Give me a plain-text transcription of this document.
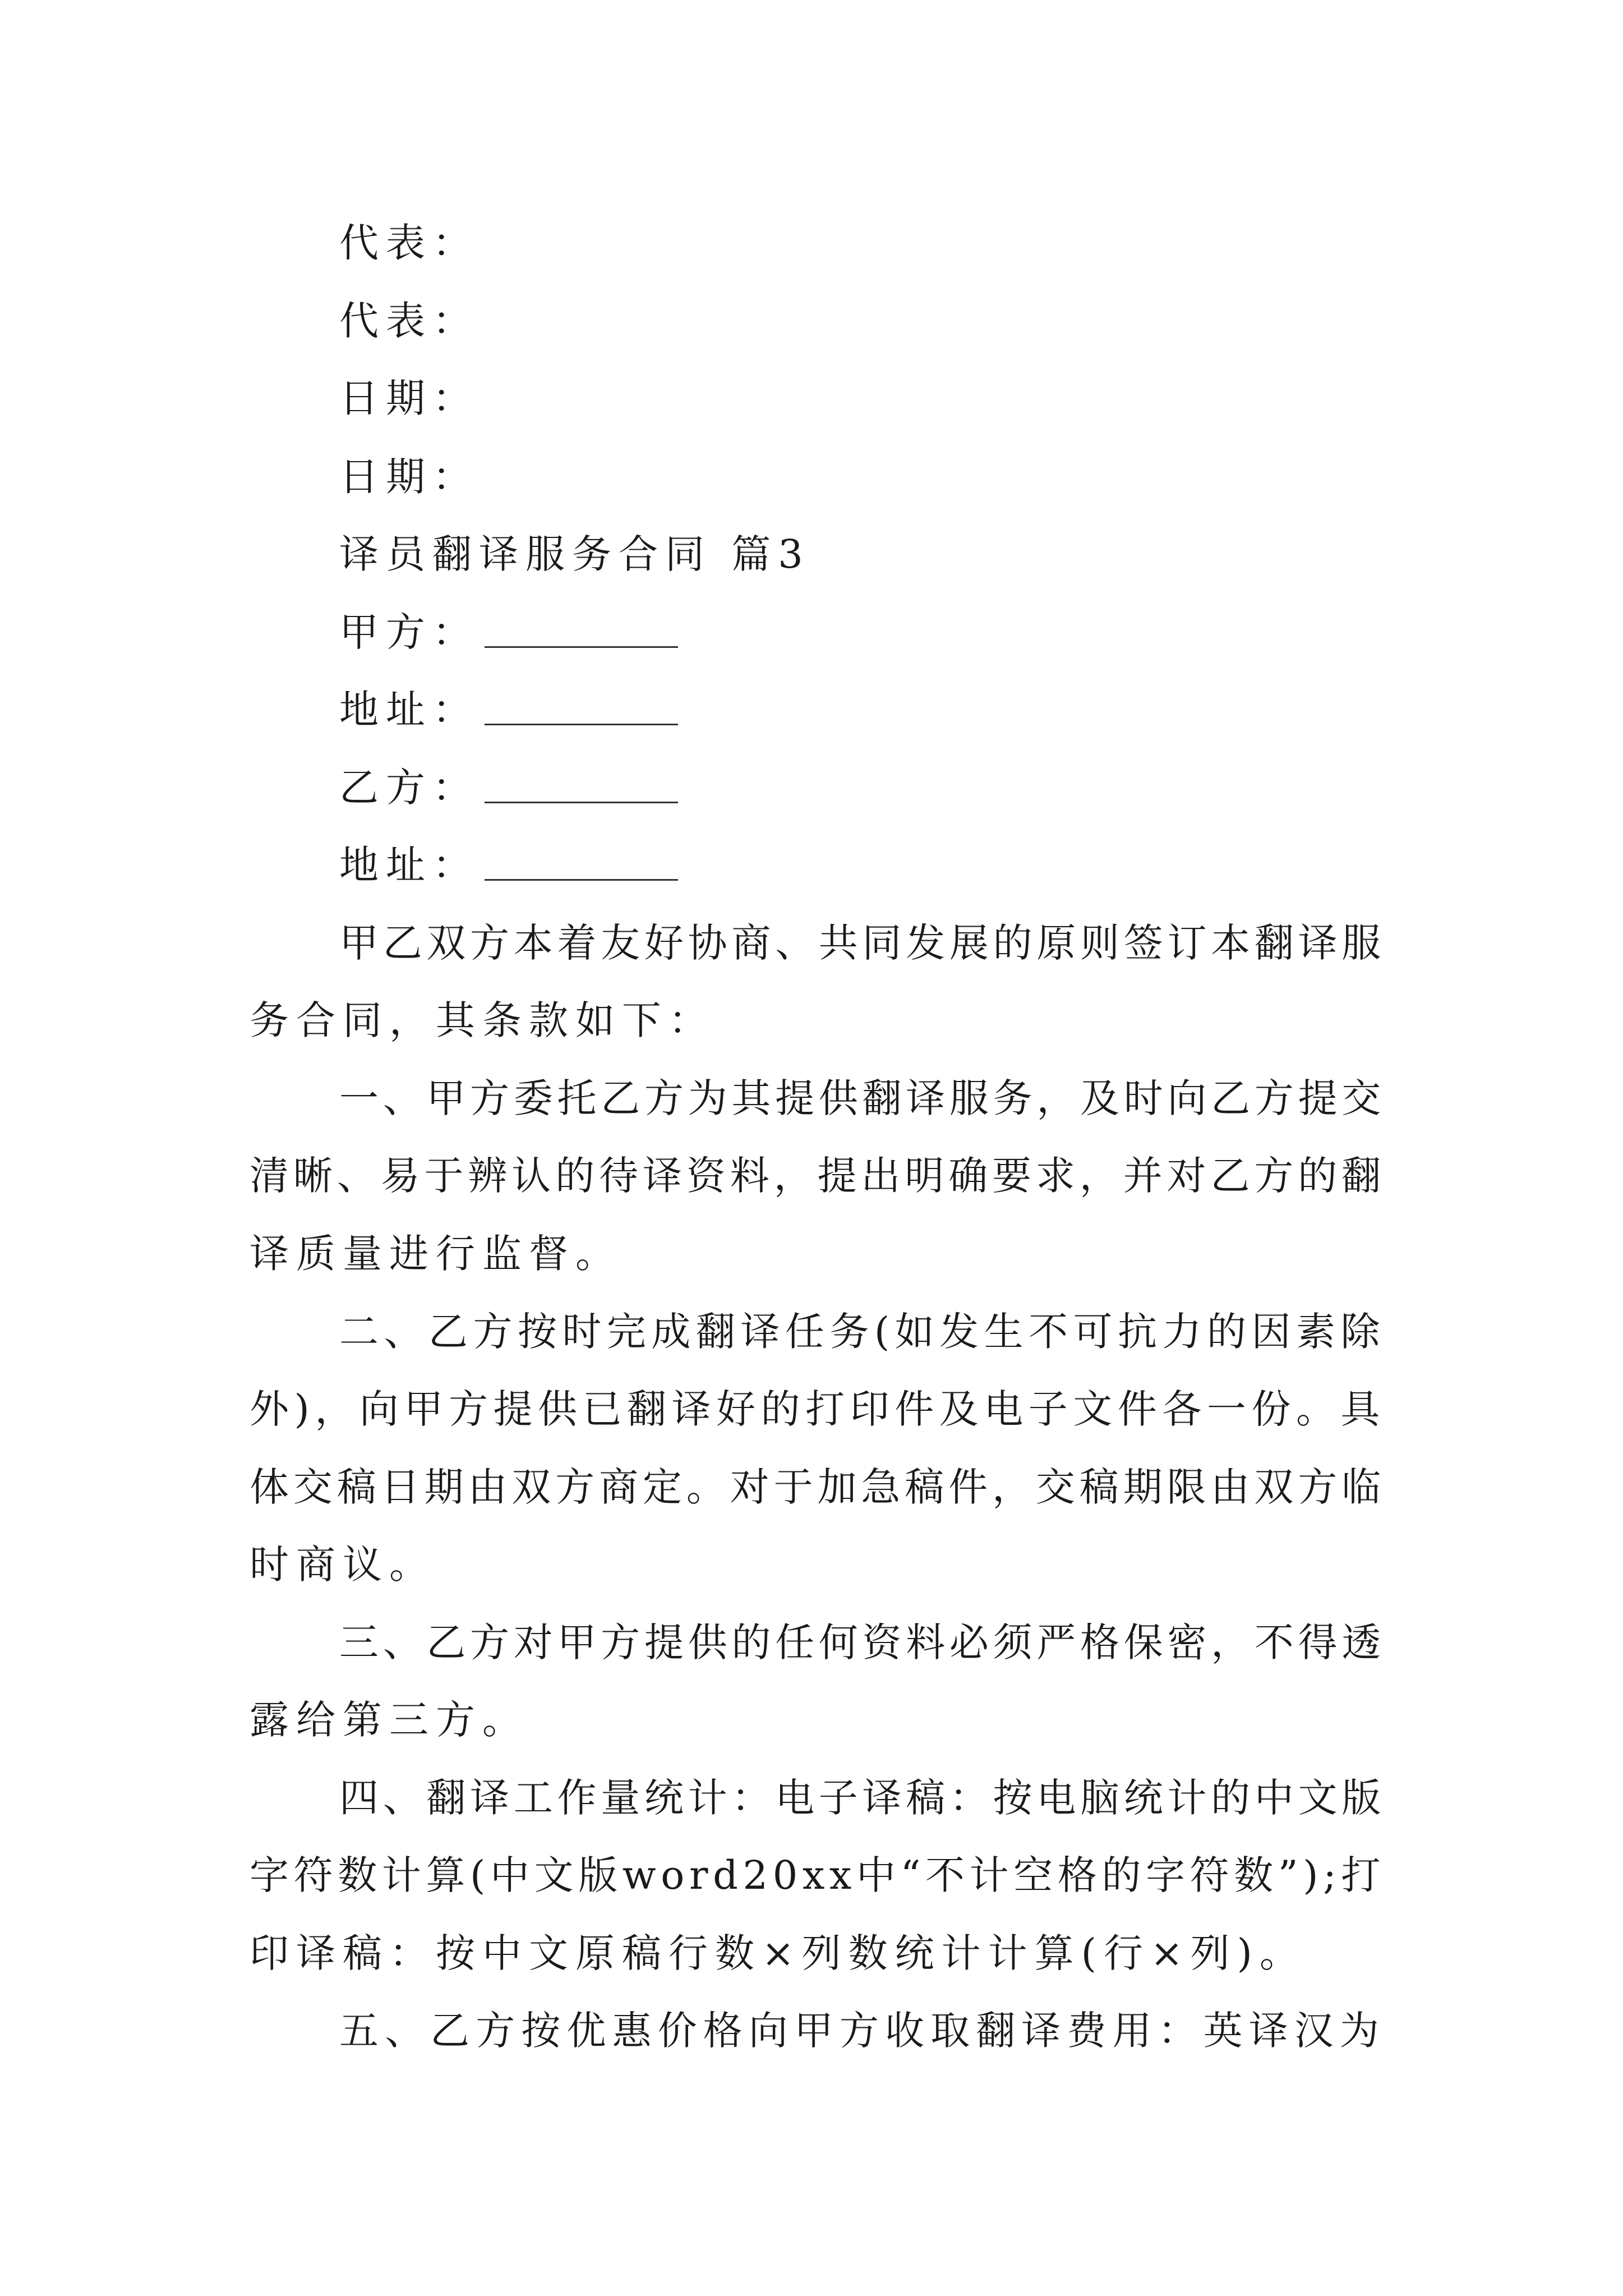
代表：
代表：
日期：
日期：
译员翻译服务合同 篇3
甲方：
地址：
乙方：
地址：
甲乙双方本着友好协商、共同发展的原则签订本翻译服
务合同，其条款如下：
一、甲方委托乙方为其提供翻译服务，及时向乙方提交
清晰、易于辨认的待译资料，提出明确要求，并对乙方的翻
译质量进行监督。
二、乙方按时完成翻译任务(如发生不可抗力的因素除
外)，向甲方提供已翻译好的打印件及电子文件各一份。具
体交稿日期由双方商定。对于加急稿件，交稿期限由双方临
时商议。
三、乙方对甲方提供的任何资料必须严格保密，不得透
露给第三方。
四、翻译工作量统计：电子译稿：按电脑统计的中文版
字符数计算(中文版word20xx中“不计空格的字符数”);打
印译稿：按中文原稿行数×列数统计计算(行×列)。
五、乙方按优惠价格向甲方收取翻译费用：英译汉为
